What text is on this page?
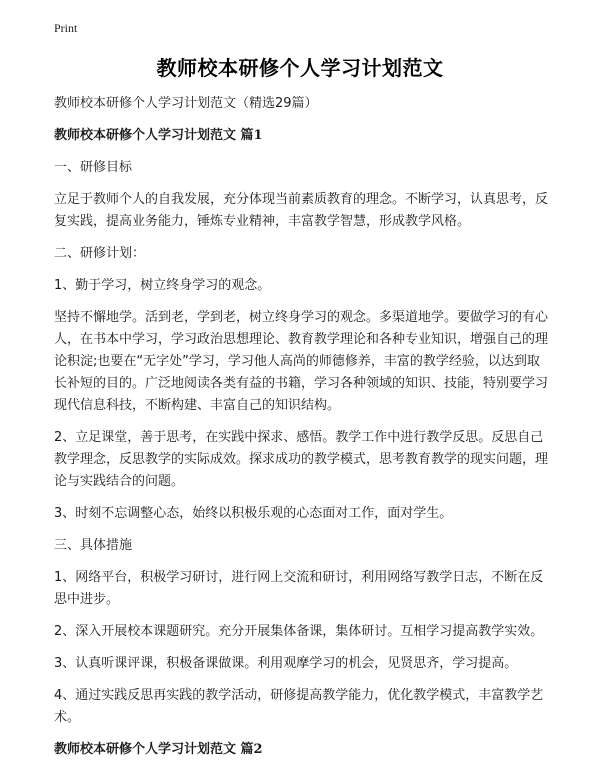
Print
教师校本研修个人学习计划范文

教师校本研修个人学习计划范文（精选29篇）

教师校本研修个人学习计划范文 篇1

一、研修目标

立足于教师个人的自我发展，充分体现当前素质教育的理念。不断学习，认真思考，反复实践，提高业务能力，锤炼专业精神，丰富教学智慧，形成教学风格。

二、研修计划：

1、勤于学习，树立终身学习的观念。

坚持不懈地学。活到老，学到老，树立终身学习的观念。多渠道地学。要做学习的有心人，在书本中学习，学习政治思想理论、教育教学理论和各种专业知识，增强自己的理论积淀;也要在“无字处”学习，学习他人高尚的师德修养，丰富的教学经验，以达到取长补短的目的。广泛地阅读各类有益的书籍，学习各种领域的知识、技能，特别要学习现代信息科技，不断构建、丰富自己的知识结构。

2、立足课堂，善于思考，在实践中探求、感悟。教学工作中进行教学反思。反思自己教学理念，反思教学的实际成效。探求成功的教学模式，思考教育教学的现实问题，理论与实践结合的问题。

3、时刻不忘调整心态，始终以积极乐观的心态面对工作，面对学生。

三、具体措施

1、网络平台，积极学习研讨，进行网上交流和研讨，利用网络写教学日志，不断在反思中进步。

2、深入开展校本课题研究。充分开展集体备课，集体研讨。互相学习提高教学实效。

3、认真听课评课，积极备课做课。利用观摩学习的机会，见贤思齐，学习提高。

4、通过实践反思再实践的教学活动，研修提高教学能力，优化教学模式，丰富教学艺术。

教师校本研修个人学习计划范文 篇2
